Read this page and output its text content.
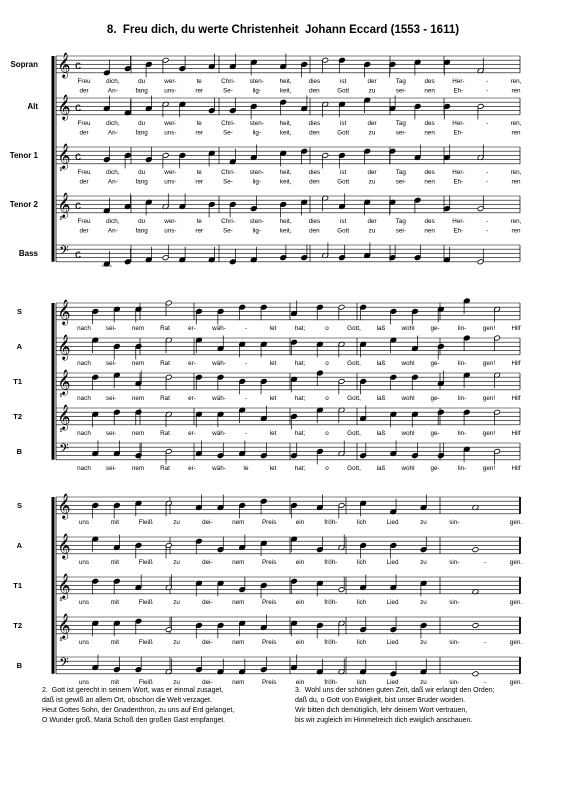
8. Freu dich, du werte Christenheit Johann Eccard (1553 - 1611)
Sopran 𝄞 c
Freu dich,	du	wer-	te	Chri- sten-	heit,	dies	ist	der	Tag	des	Her-	-	ren,
der	An-	fang	uns-	rer	Se-	lig-	keit,	den	Gott	zu	sei-	nen	Eh-	-	ren
Alt 𝄞 c
Freu dich,	du	wer-	te	Chri- sten-	heit,	dies	ist	der	Tag	des	Her-	-	ren,
der	An-	fang	uns-	rer	Se-	lig-	keit,	den	Gott	zu	sei-	nen	Eh-	ren
Tenor 1 𝄞
8
c
Freu dich,	du	wer-	te	Chri- sten-	heit,	dies	ist	der	Tag	des	Her-	-	ren,
der	An-	fang	uns-	rer	Se-	lig-	keit,	den	Gott	zu	sei-	nen	Eh-	-	ren
Tenor 2 𝄞
8
c
Freu dich,	du	wer-	te	Chri- sten-	heit,	dies	ist	der	Tag	des	Her-	-	ren,
der	An-	fang	uns-	rer	Se-	lig-	keit,	den	Gott	zu	sei-	nen	Eh-	-	ren
Bass 𝄢 c
S 𝄞
nach sei-	nem	Rat	er-	wäh-	-	let	hat;	o	Gott,	laß	wohl	ge-	lin-	gen!	Hilf
A 𝄞
nach sei-	nem	Rat	er-	wäh-	-	let	hat;	o	Gott,	laß	wohl	ge-	lin-	gen!	Hilf
T1 𝄞
8 nach sei-	nem	Rat	er-	wäh-	-	let	hat;	o	Gott,	laß	wohl	ge-	lin-	gen!	Hilf
T2 𝄞
8 nach sei-	nem	Rat	er-	wäh-	-	let	hat;	o	Gott,	laß	wohl	ge-	lin-	gen!	Hilf
B 𝄢
nach sei-	nem	Rat	er-	wäh-	le	let	hat;	o	Gott,	laß	wohl	ge-	lin-	gen!	Hilf
S 𝄞
uns	mit	Fleiß	zu	dei-	nem	Preis	ein	fröh-	lich	Lied	zu	sin-	gen.
A 𝄞
uns	mit	Fleiß	zu	dei-	nem	Preis	ein	fröh-	lich	Lied	zu	sin-	-	gen.
T1 𝄞
8	uns	mit	Fleiß	zu	dei-	nem	Preis	ein	fröh-	lich	Lied	zu	sin-	gen.
T2 𝄞
8	uns	mit	Fleiß	zu	dei-	nem	Preis	ein	fröh-	lich	Lied	zu	sin-	-	gen.
B 𝄢
uns	mit	Fleiß	zu	dei-	nem	Preis	ein	fröh-	lich	Lied	zu	sin-	-	gen.

2. Gott ist gerecht in seinem Wort, was er einmal zusaget,

daß ist gewiß an allem Ort, obschon die Welt verzaget.

Heut Gottes Sohn, der Gnadenthron, zu uns auf Erd gelanget,

O Wunder groß, Mariä Schoß den großen Gast empfanget.

3. Wohl uns der schönen guten Zeit, daß wir erlangt den Orden;

daß du, o Gott von Ewigkeit, bist unser Bruder worden.

Wir bitten dich demütiglich, lehr deinem Wort vertrauen,

bis wir zugleich im Himmelreich dich ewiglich anschauen.
